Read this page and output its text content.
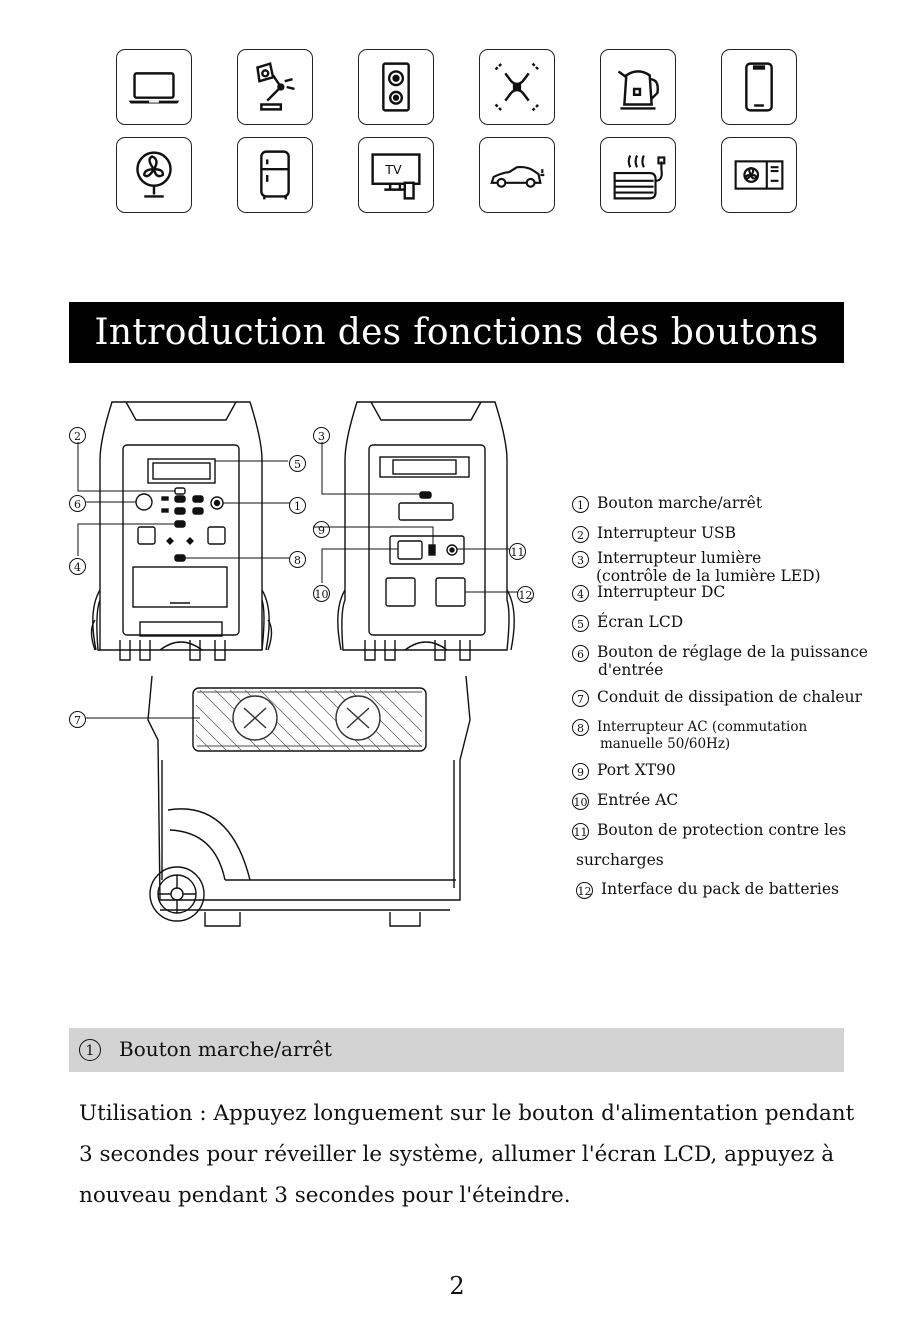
TV
Introduction des fonctions des boutons
2
6
4
5
1
8
3
9
10
11
12
7
1 Bouton marche/arrêt
2 Interrupteur USB
3 Interrupteur lumière
(contrôle de la lumière LED)
4 Interrupteur DC
5 Écran LCD
6 Bouton de réglage de la puissance
d'entrée
7 Conduit de dissipation de chaleur
8 Interrupteur AC (commutation
manuelle 50/60Hz)
9 Port XT90
10 Entrée AC
11 Bouton de protection contre les
surcharges
12 Interface du pack de batteries
1	Bouton marche/arrêt
Utilisation : Appuyez longuement sur le bouton d'alimentation pendant 3 secondes pour réveiller le système, allumer l'écran LCD, appuyez à nouveau pendant 3 secondes pour l'éteindre.
2
